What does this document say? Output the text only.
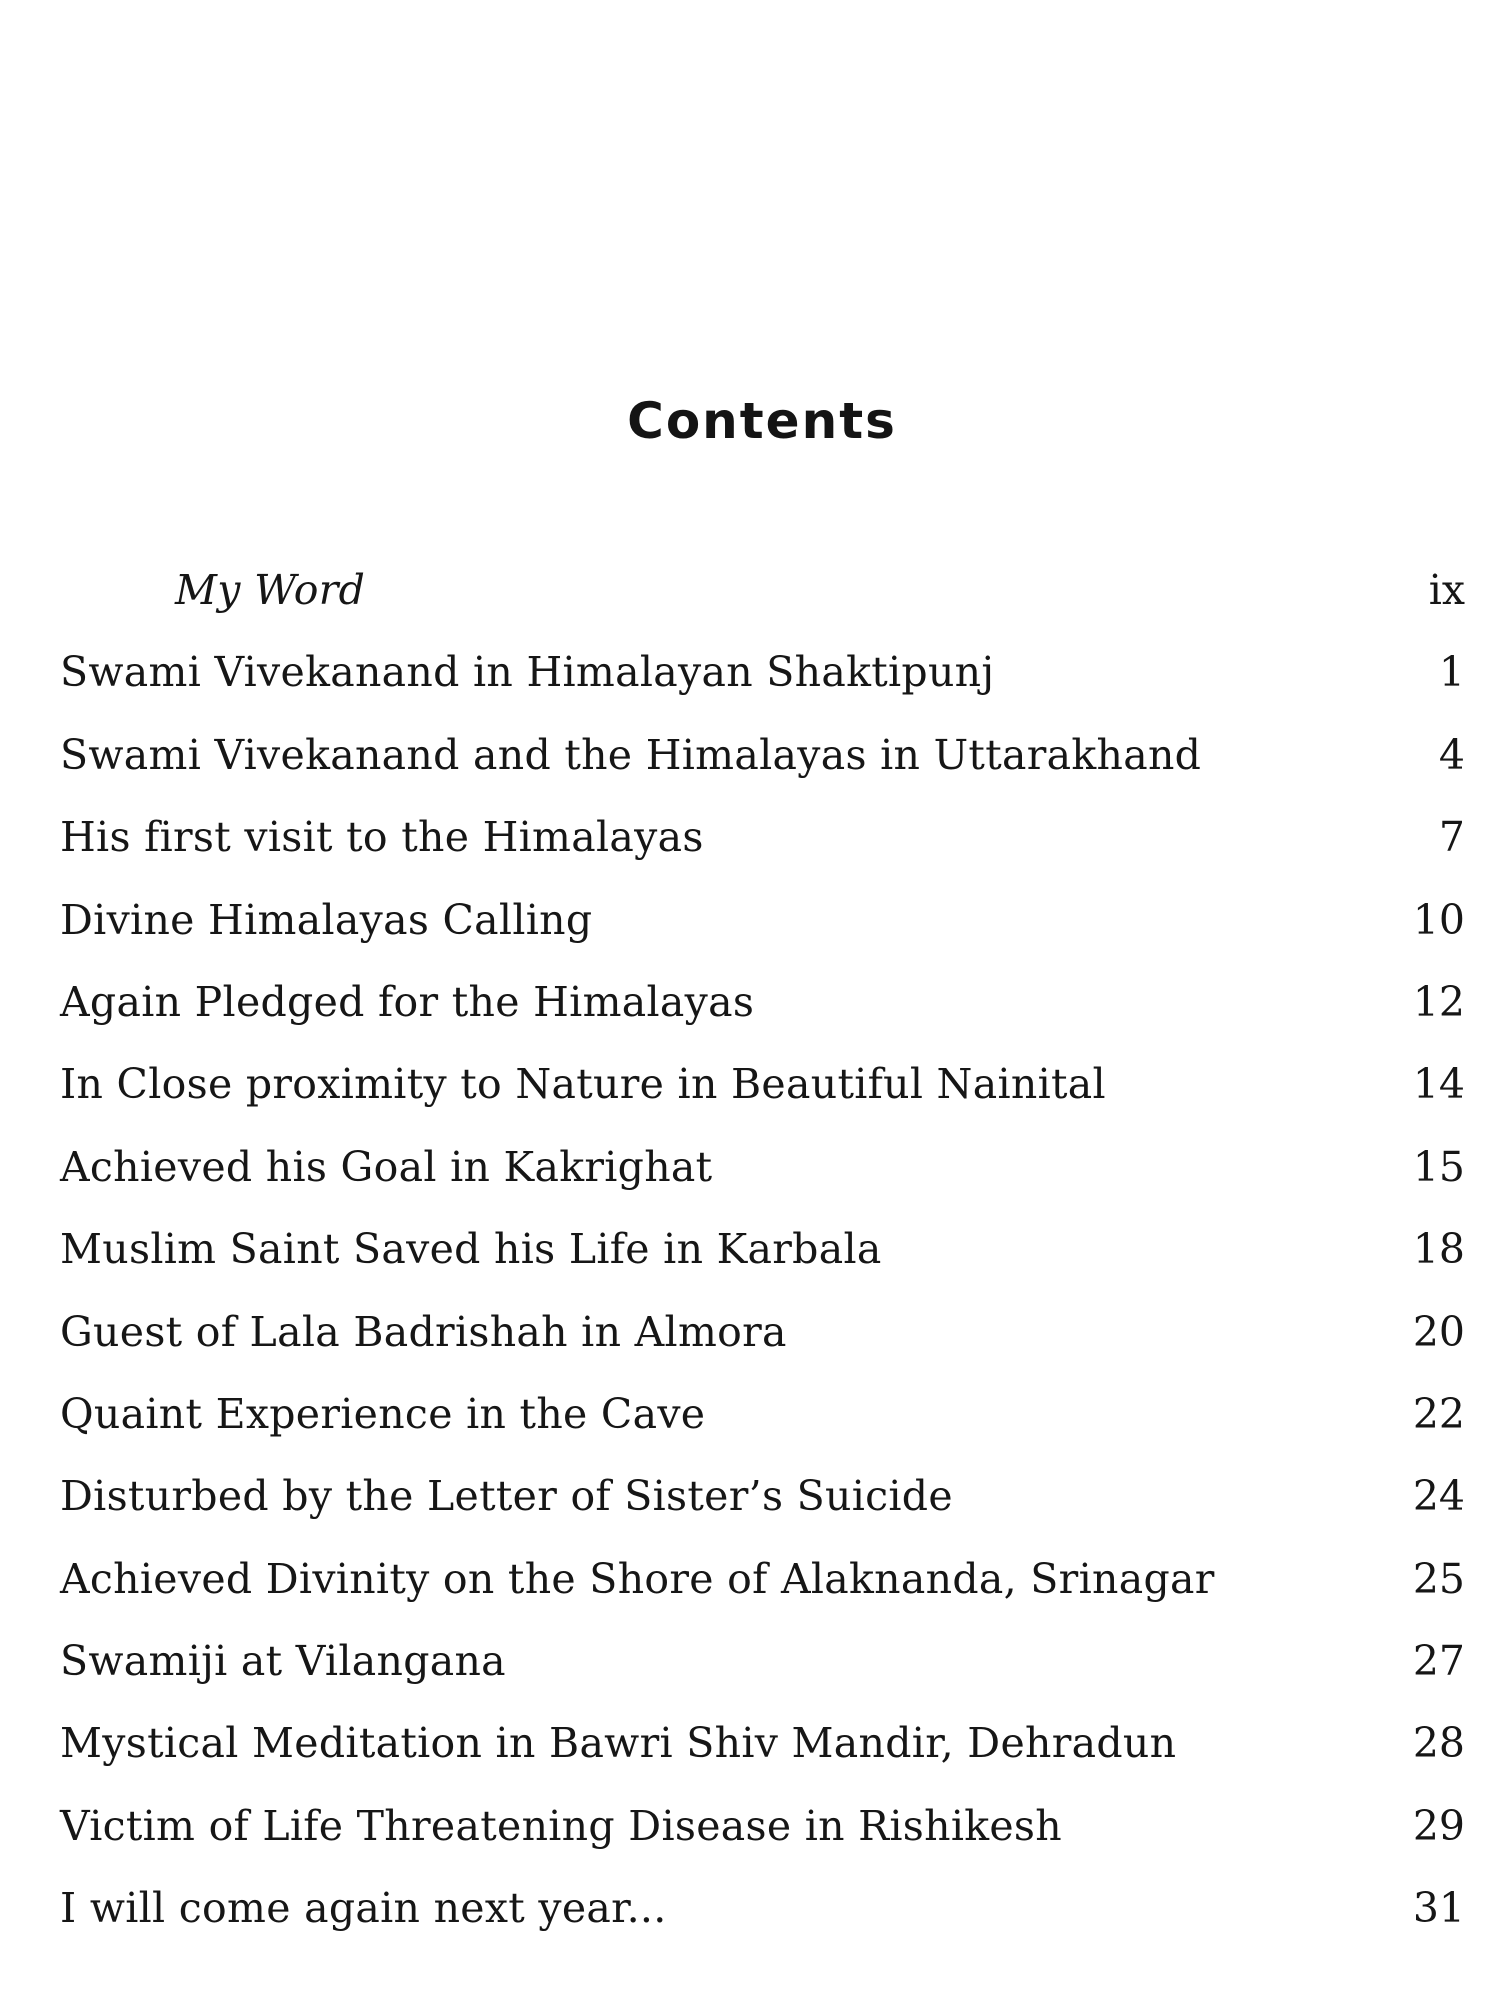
Contents
My Word	ix
Swami Vivekanand in Himalayan Shaktipunj	1
Swami Vivekanand and the Himalayas in Uttarakhand	4
His first visit to the Himalayas	7
Divine Himalayas Calling	10
Again Pledged for the Himalayas	12
In Close proximity to Nature in Beautiful Nainital	14
Achieved his Goal in Kakrighat	15
Muslim Saint Saved his Life in Karbala	18
Guest of Lala Badrishah in Almora	20
Quaint Experience in the Cave	22
Disturbed by the Letter of Sister’s Suicide	24
Achieved Divinity on the Shore of Alaknanda, Srinagar	25
Swamiji at Vilangana	27
Mystical Meditation in Bawri Shiv Mandir, Dehradun	28
Victim of Life Threatening Disease in Rishikesh	29
I will come again next year...	31
